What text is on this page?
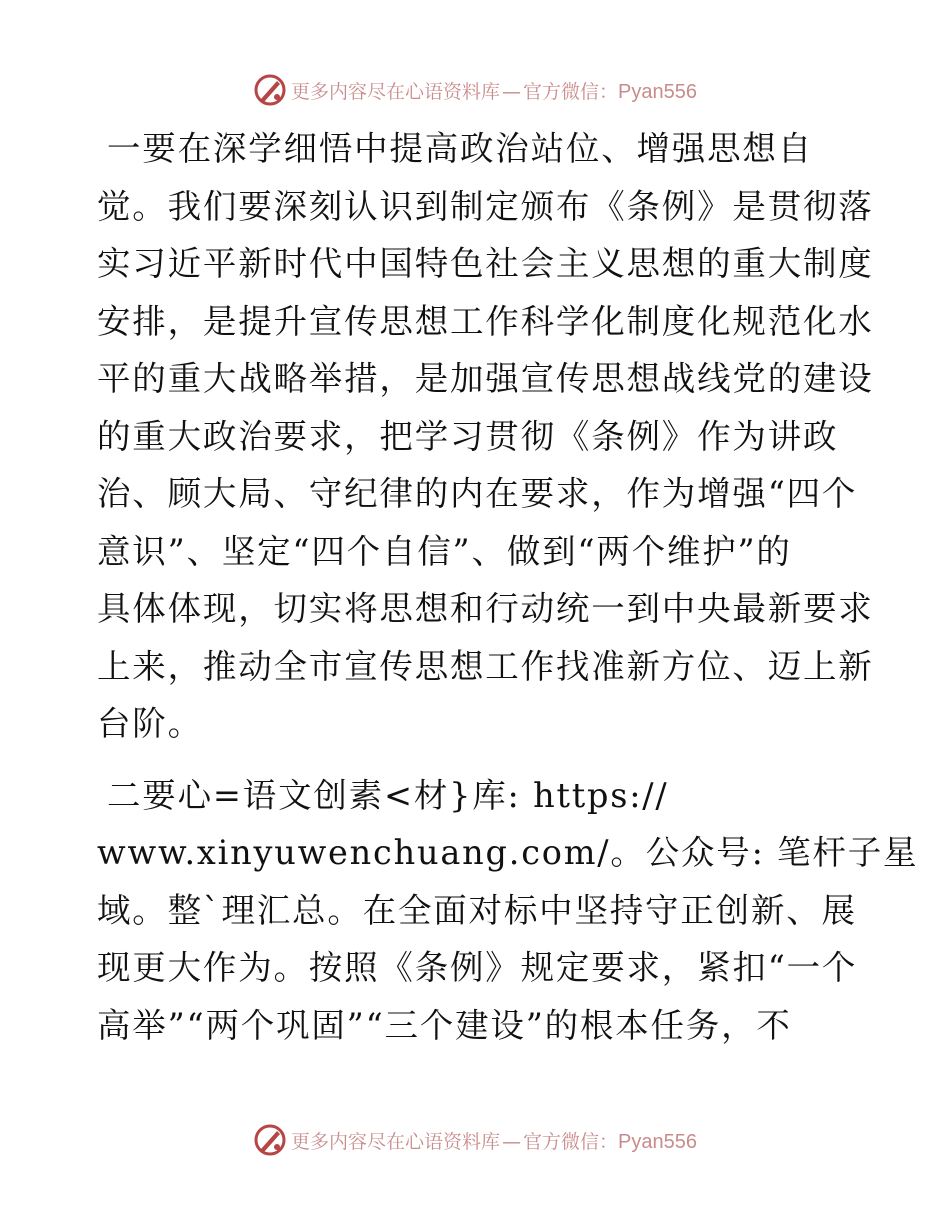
更多内容尽在心语资料库 — 官方微信：Pyan556

一要在深学细悟中提高政治站位、增强思想自
觉。我们要深刻认识到制定颁布《条例》是贯彻落
实习近平新时代中国特色社会主义思想的重大制度
安排，是提升宣传思想工作科学化制度化规范化水
平的重大战略举措，是加强宣传思想战线党的建设
的重大政治要求，把学习贯彻《条例》作为讲政
治、顾大局、守纪律的内在要求，作为增强“四个
意识”、坚定“四个自信”、做到“两个维护”的
具体体现，切实将思想和行动统一到中央最新要求
上来，推动全市宣传思想工作找准新方位、迈上新
台阶。

二要心=语文创素<材}库: https://
www.xinyuwenchuang.com/。公众号: 笔杆子星
域。整`理汇总。在全面对标中坚持守正创新、展
现更大作为。按照《条例》规定要求，紧扣“一个
高举”“两个巩固”“三个建设”的根本任务，不

更多内容尽在心语资料库 — 官方微信：Pyan556
